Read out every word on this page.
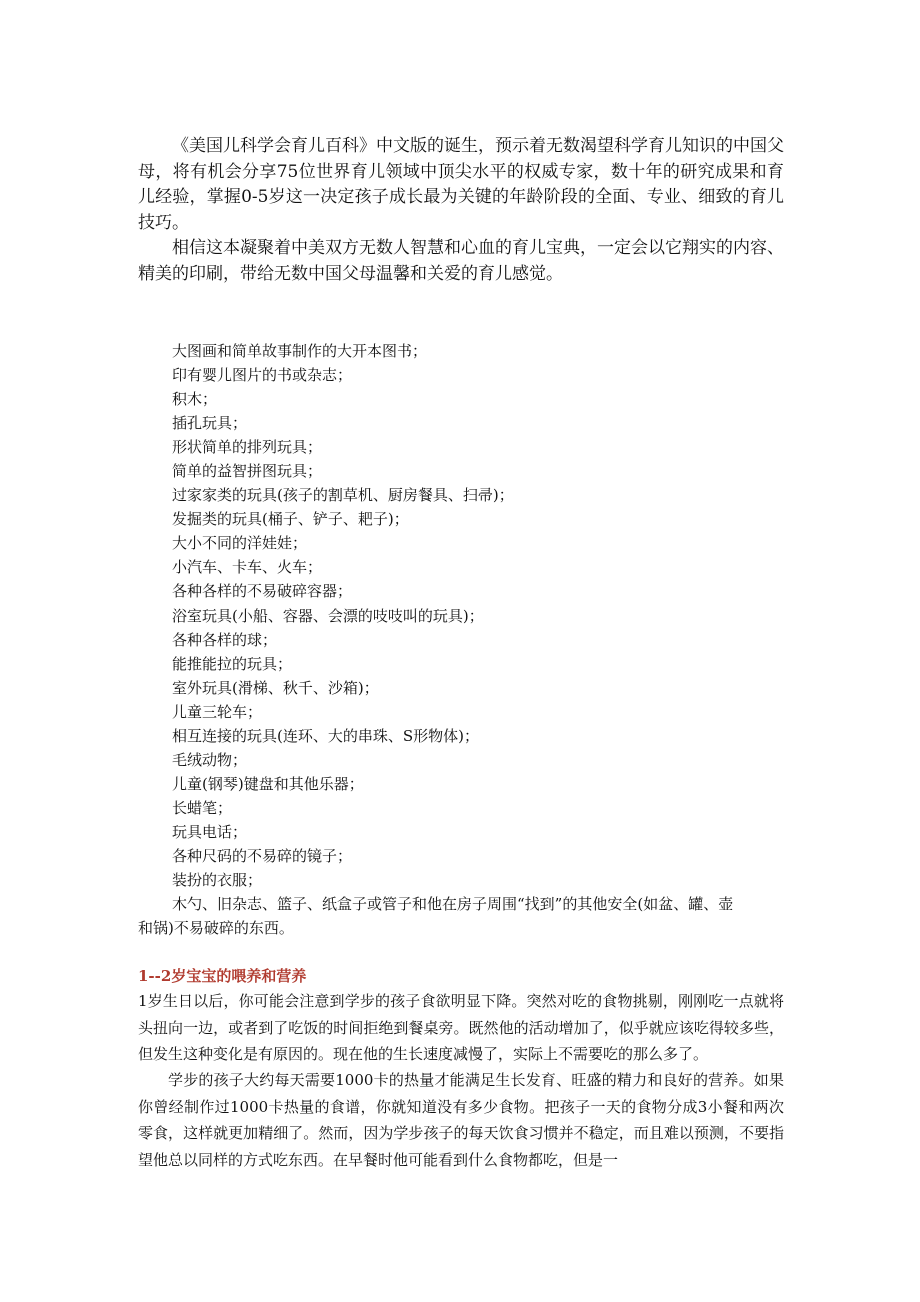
《美国儿科学会育儿百科》中文版的诞生，预示着无数渴望科学育儿知识的中国父母，将有机会分享75位世界育儿领域中顶尖水平的权威专家，数十年的研究成果和育儿经验，掌握0-5岁这一决定孩子成长最为关键的年龄阶段的全面、专业、细致的育儿技巧。

相信这本凝聚着中美双方无数人智慧和心血的育儿宝典，一定会以它翔实的内容、精美的印刷，带给无数中国父母温馨和关爱的育儿感觉。

大图画和简单故事制作的大开本图书；
印有婴儿图片的书或杂志；
积木；
插孔玩具；
形状简单的排列玩具；
简单的益智拼图玩具；
过家家类的玩具(孩子的割草机、厨房餐具、扫帚)；
发掘类的玩具(桶子、铲子、耙子)；
大小不同的洋娃娃；
小汽车、卡车、火车；
各种各样的不易破碎容器；
浴室玩具(小船、容器、会漂的吱吱叫的玩具)；
各种各样的球；
能推能拉的玩具；
室外玩具(滑梯、秋千、沙箱)；
儿童三轮车；
相互连接的玩具(连环、大的串珠、S形物体)；
毛绒动物；
儿童(钢琴)键盘和其他乐器；
长蜡笔；
玩具电话；
各种尺码的不易碎的镜子；
装扮的衣服；
木勺、旧杂志、篮子、纸盒子或管子和他在房子周围“找到”的其他安全(如盆、罐、壶

和锅)不易破碎的东西。

1--2岁宝宝的喂养和营养

1岁生日以后，你可能会注意到学步的孩子食欲明显下降。突然对吃的食物挑剔，刚刚吃一点就将头扭向一边，或者到了吃饭的时间拒绝到餐桌旁。既然他的活动增加了，似乎就应该吃得较多些，但发生这种变化是有原因的。现在他的生长速度减慢了，实际上不需要吃的那么多了。

学步的孩子大约每天需要1000卡的热量才能满足生长发育、旺盛的精力和良好的营养。如果你曾经制作过1000卡热量的食谱，你就知道没有多少食物。把孩子一天的食物分成3小餐和两次零食，这样就更加精细了。然而，因为学步孩子的每天饮食习惯并不稳定，而且难以预测，不要指望他总以同样的方式吃东西。在早餐时他可能看到什么食物都吃，但是一
